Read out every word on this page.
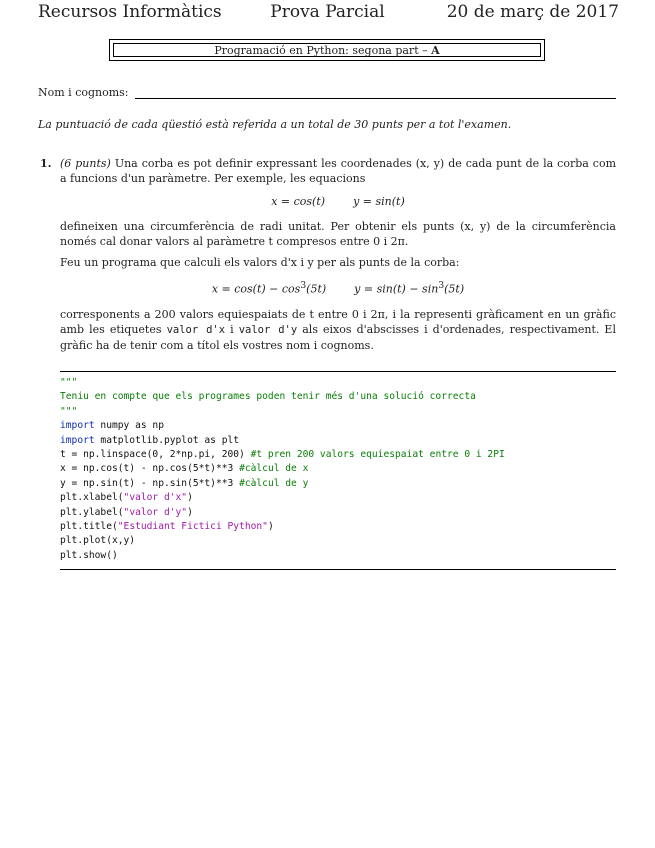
Recursos Informàtics	Prova Parcial	20 de març de 2017
Programació en Python: segona part – A
Nom i cognoms:
La puntuació de cada qüestió està referida a un total de 30 punts per a tot l'examen.
1. (6 punts) Una corba es pot definir expressant les coordenades (x, y) de cada punt de la corba com a funcions d'un paràmetre. Per exemple, les equacions

x = cos(t)	y = sin(t)

defineixen una circumferència de radi unitat. Per obtenir els punts (x, y) de la circumferència només cal donar valors al paràmetre t compresos entre 0 i 2π.

Feu un programa que calculi els valors d'x i y per als punts de la corba:

$x = \cos(t) - \cos^3(5t)$	$y = \sin(t) - \sin^3(5t)$

corresponents a 200 valors equiespaiats de t entre 0 i 2π, i la representi gràficament en un gràfic amb les etiquetes valor d'x i valor d'y als eixos d'abscisses i d'ordenades, respectivament. El gràfic ha de tenir com a títol els vostres nom i cognoms.

"""
Teniu en compte que els programes poden tenir més d'una solució correcta
"""
import numpy as np
import matplotlib.pyplot as plt
t = np.linspace(0, 2*np.pi, 200) #t pren 200 valors equiespaiat entre 0 i 2PI
x = np.cos(t) - np.cos(5*t)**3 #càlcul de x
y = np.sin(t) - np.sin(5*t)**3 #càlcul de y
plt.xlabel("valor d'x")
plt.ylabel("valor d'y")
plt.title("Estudiant Fictici Python")
plt.plot(x,y)
plt.show()
